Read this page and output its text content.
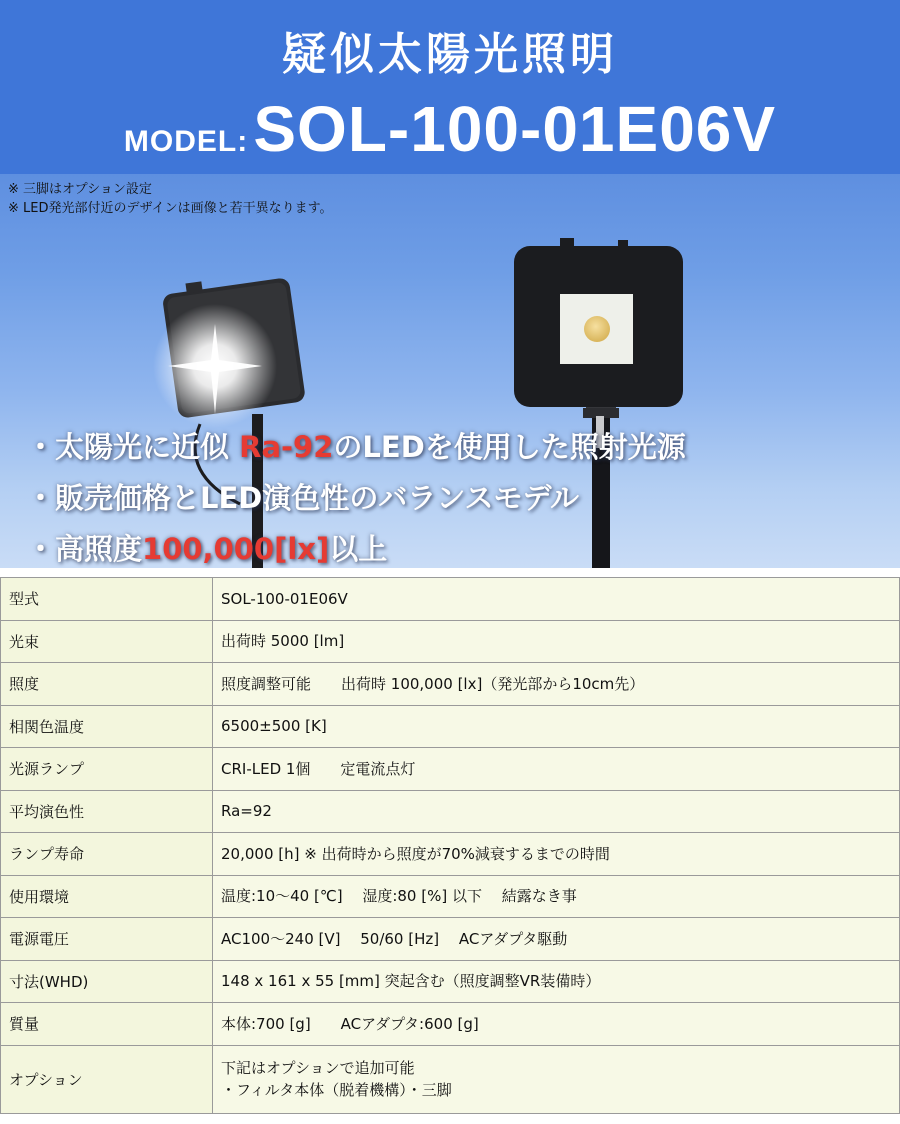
疑似太陽光照明
MODEL: SOL-100-01E06V
※ 三脚はオプション設定
※ LED発光部付近のデザインは画像と若干異なります。
・太陽光に近似 Ra-92のLEDを使用した照射光源
・販売価格とLED演色性のバランスモデル
・高照度100,000[lx]以上
型式	SOL-100-01E06V

光束	出荷時 5000 [lm]

照度	照度調整可能　　出荷時 100,000 [lx]（発光部から10cm先）

相関色温度	6500±500 [K]

光源ランプ	CRI-LED 1個　　定電流点灯

平均演色性	Ra=92

ランプ寿命	20,000 [h] ※ 出荷時から照度が70%減衰するまでの時間

使用環境	温度:10～40 [℃]　 湿度:80 [%] 以下　 結露なき事

電源電圧	AC100～240 [V]　 50/60 [Hz]　 ACアダプタ駆動

寸法(WHD)	148 x 161 x 55 [mm] 突起含む（照度調整VR装備時）

質量	本体:700 [g]　　ACアダプタ:600 [g]

オプション	下記はオプションで追加可能
・フィルタ本体（脱着機構）・三脚
